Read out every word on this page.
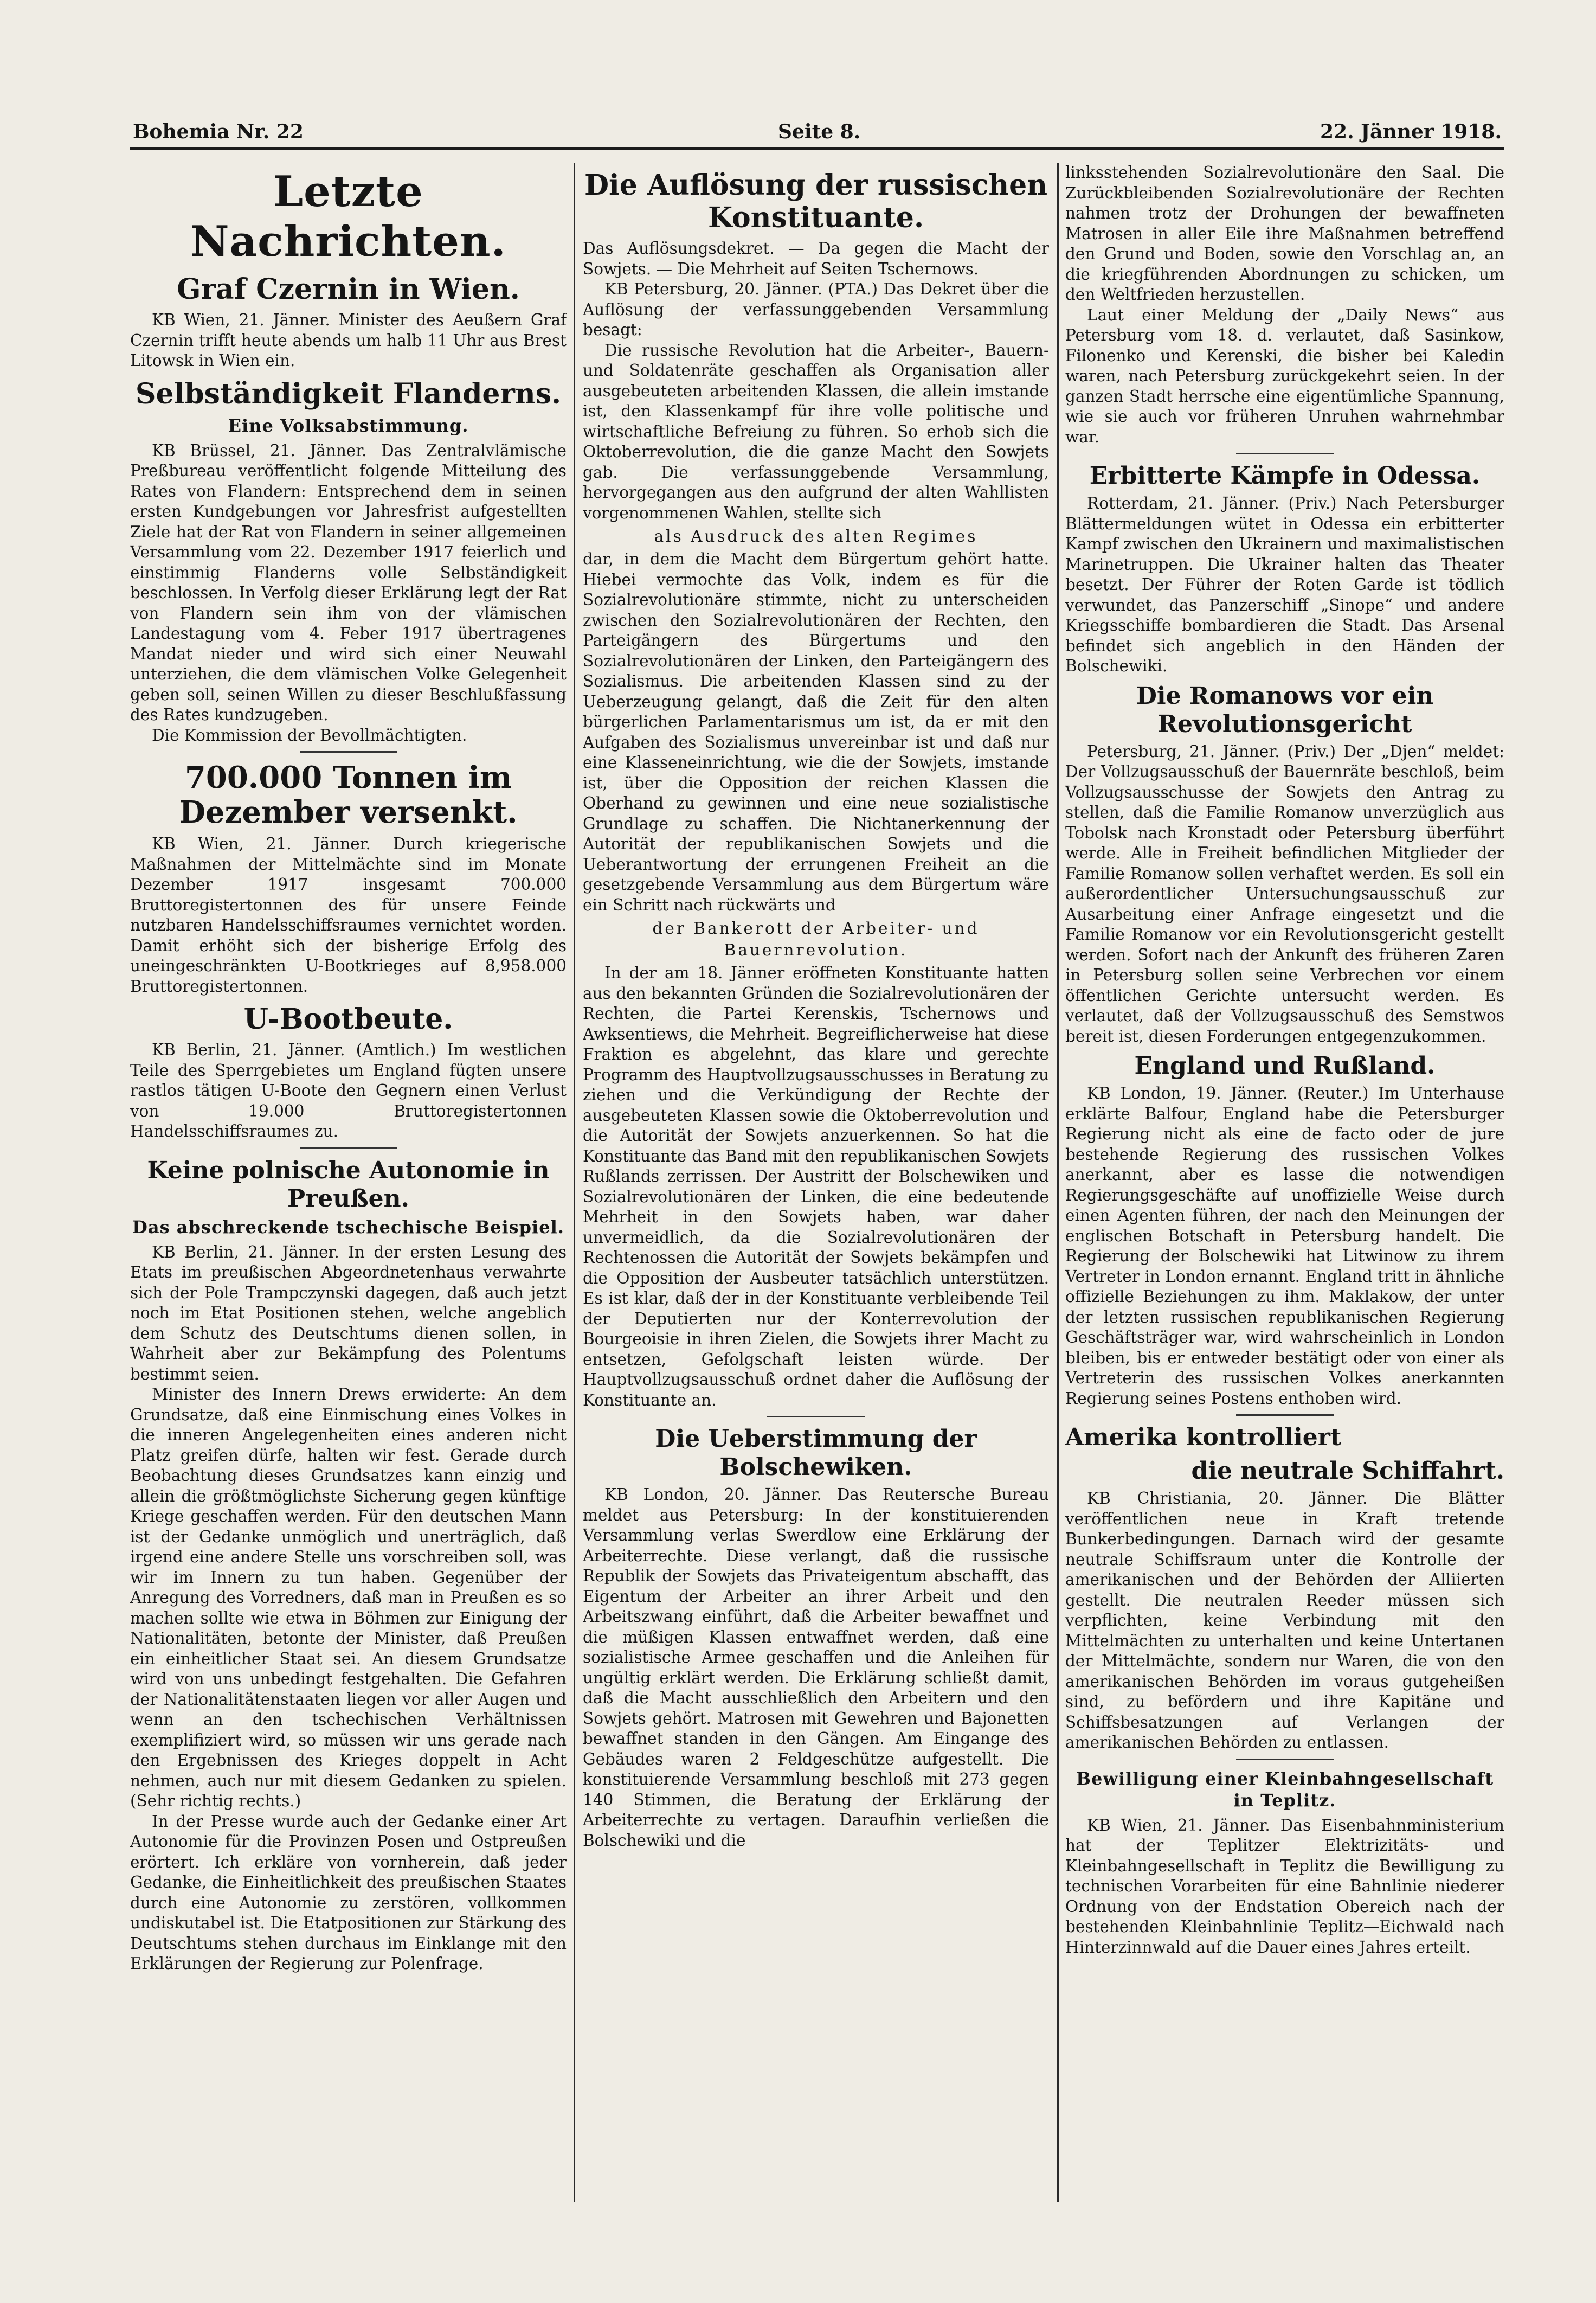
Bohemia Nr. 22	Seite 8.	22. Jänner 1918.
Letzte Nachrichten.
Graf Czernin in Wien.

KB Wien, 21. Jänner. Minister des Aeußern Graf Czernin trifft heute abends um halb 11 Uhr aus Brest Litowsk in Wien ein.

Selbständigkeit Flanderns.
Eine Volksabstimmung.

KB Brüssel, 21. Jänner. Das Zentralvlämische Preßbureau veröffentlicht folgende Mitteilung des Rates von Flandern: Entsprechend dem in seinen ersten Kundgebungen vor Jahresfrist aufgestellten Ziele hat der Rat von Flandern in seiner allgemeinen Versammlung vom 22. Dezember 1917 feierlich und einstimmig Flanderns volle Selbständigkeit beschlossen. In Verfolg dieser Erklärung legt der Rat von Flandern sein ihm von der vlämischen Landestagung vom 4. Feber 1917 übertragenes Mandat nieder und wird sich einer Neuwahl unterziehen, die dem vlämischen Volke Gelegenheit geben soll, seinen Willen zu dieser Beschlußfassung des Rates kundzugeben.

Die Kommission der Bevollmächtigten.

700.000 Tonnen im Dezember versenkt.

KB Wien, 21. Jänner. Durch kriegerische Maßnahmen der Mittelmächte sind im Monate Dezember 1917 insgesamt 700.000 Bruttoregistertonnen des für unsere Feinde nutzbaren Handelsschiffsraumes vernichtet worden. Damit erhöht sich der bisherige Erfolg des uneingeschränkten U-Bootkrieges auf 8,958.000 Bruttoregistertonnen.

U-Bootbeute.

KB Berlin, 21. Jänner. (Amtlich.) Im westlichen Teile des Sperrgebietes um England fügten unsere rastlos tätigen U-Boote den Gegnern einen Verlust von 19.000 Bruttoregistertonnen Handelsschiffsraumes zu.

Keine polnische Autonomie in Preußen.
Das abschreckende tschechische Beispiel.

KB Berlin, 21. Jänner. In der ersten Lesung des Etats im preußischen Abgeordnetenhaus verwahrte sich der Pole Trampczynski dagegen, daß auch jetzt noch im Etat Positionen stehen, welche angeblich dem Schutz des Deutschtums dienen sollen, in Wahrheit aber zur Bekämpfung des Polentums bestimmt seien.

Minister des Innern Drews erwiderte: An dem Grundsatze, daß eine Einmischung eines Volkes in die inneren Angelegenheiten eines anderen nicht Platz greifen dürfe, halten wir fest. Gerade durch Beobachtung dieses Grundsatzes kann einzig und allein die größtmöglichste Sicherung gegen künftige Kriege geschaffen werden. Für den deutschen Mann ist der Gedanke unmöglich und unerträglich, daß irgend eine andere Stelle uns vorschreiben soll, was wir im Innern zu tun haben. Gegenüber der Anregung des Vorredners, daß man in Preußen es so machen sollte wie etwa in Böhmen zur Einigung der Nationalitäten, betonte der Minister, daß Preußen ein einheitlicher Staat sei. An diesem Grundsatze wird von uns unbedingt festgehalten. Die Gefahren der Nationalitätenstaaten liegen vor aller Augen und wenn an den tschechischen Verhältnissen exemplifiziert wird, so müssen wir uns gerade nach den Ergebnissen des Krieges doppelt in Acht nehmen, auch nur mit diesem Gedanken zu spielen. (Sehr richtig rechts.)

In der Presse wurde auch der Gedanke einer Art Autonomie für die Provinzen Posen und Ostpreußen erörtert. Ich erkläre von vornherein, daß jeder Gedanke, die Einheitlichkeit des preußischen Staates durch eine Autonomie zu zerstören, vollkommen undiskutabel ist. Die Etatpositionen zur Stärkung des Deutschtums stehen durchaus im Einklange mit den Erklärungen der Regierung zur Polenfrage.

Die Auflösung der russischen Konstituante.

Das Auflösungsdekret. — Da gegen die Macht der Sowjets. — Die Mehrheit auf Seiten Tschernows.

KB Petersburg, 20. Jänner. (PTA.) Das Dekret über die Auflösung der verfassunggebenden Versammlung besagt:

Die russische Revolution hat die Arbeiter-, Bauern- und Soldatenräte geschaffen als Organisation aller ausgebeuteten arbeitenden Klassen, die allein imstande ist, den Klassenkampf für ihre volle politische und wirtschaftliche Befreiung zu führen. So erhob sich die Oktoberrevolution, die die ganze Macht den Sowjets gab. Die verfassunggebende Versammlung, hervorgegangen aus den aufgrund der alten Wahllisten vorgenommenen Wahlen, stellte sich

als Ausdruck des alten Regimes

dar, in dem die Macht dem Bürgertum gehört hatte. Hiebei vermochte das Volk, indem es für die Sozialrevolutionäre stimmte, nicht zu unterscheiden zwischen den Sozialrevolutionären der Rechten, den Parteigängern des Bürgertums und den Sozialrevolutionären der Linken, den Parteigängern des Sozialismus. Die arbeitenden Klassen sind zu der Ueberzeugung gelangt, daß die Zeit für den alten bürgerlichen Parlamentarismus um ist, da er mit den Aufgaben des Sozialismus unvereinbar ist und daß nur eine Klasseneinrichtung, wie die der Sowjets, imstande ist, über die Opposition der reichen Klassen die Oberhand zu gewinnen und eine neue sozialistische Grundlage zu schaffen. Die Nichtanerkennung der Autorität der republikanischen Sowjets und die Ueberantwortung der errungenen Freiheit an die gesetzgebende Versammlung aus dem Bürgertum wäre ein Schritt nach rückwärts und

der Bankerott der Arbeiter- und Bauernrevolution.

In der am 18. Jänner eröffneten Konstituante hatten aus den bekannten Gründen die Sozialrevolutionären der Rechten, die Partei Kerenskis, Tschernows und Awksentiews, die Mehrheit. Begreiflicherweise hat diese Fraktion es abgelehnt, das klare und gerechte Programm des Hauptvollzugsausschusses in Beratung zu ziehen und die Verkündigung der Rechte der ausgebeuteten Klassen sowie die Oktoberrevolution und die Autorität der Sowjets anzuerkennen. So hat die Konstituante das Band mit den republikanischen Sowjets Rußlands zerrissen. Der Austritt der Bolschewiken und Sozialrevolutionären der Linken, die eine bedeutende Mehrheit in den Sowjets haben, war daher unvermeidlich, da die Sozialrevolutionären der Rechtenossen die Autorität der Sowjets bekämpfen und die Opposition der Ausbeuter tatsächlich unterstützen. Es ist klar, daß der in der Konstituante verbleibende Teil der Deputierten nur der Konterrevolution der Bourgeoisie in ihren Zielen, die Sowjets ihrer Macht zu entsetzen, Gefolgschaft leisten würde. Der Hauptvollzugsausschuß ordnet daher die Auflösung der Konstituante an.

Die Ueberstimmung der Bolschewiken.

KB London, 20. Jänner. Das Reutersche Bureau meldet aus Petersburg: In der konstituierenden Versammlung verlas Swerdlow eine Erklärung der Arbeiterrechte. Diese verlangt, daß die russische Republik der Sowjets das Privateigentum abschafft, das Eigentum der Arbeiter an ihrer Arbeit und den Arbeitszwang einführt, daß die Arbeiter bewaffnet und die müßigen Klassen entwaffnet werden, daß eine sozialistische Armee geschaffen und die Anleihen für ungültig erklärt werden. Die Erklärung schließt damit, daß die Macht ausschließlich den Arbeitern und den Sowjets gehört. Matrosen mit Gewehren und Bajonetten bewaffnet standen in den Gängen. Am Eingange des Gebäudes waren 2 Feldgeschütze aufgestellt. Die konstituierende Versammlung beschloß mit 273 gegen 140 Stimmen, die Beratung der Erklärung der Arbeiterrechte zu vertagen. Daraufhin verließen die Bolschewiki und die

linksstehenden Sozialrevolutionäre den Saal. Die Zurückbleibenden Sozialrevolutionäre der Rechten nahmen trotz der Drohungen der bewaffneten Matrosen in aller Eile ihre Maßnahmen betreffend den Grund und Boden, sowie den Vorschlag an, an die kriegführenden Abordnungen zu schicken, um den Weltfrieden herzustellen.

Laut einer Meldung der „Daily News“ aus Petersburg vom 18. d. verlautet, daß Sasinkow, Filonenko und Kerenski, die bisher bei Kaledin waren, nach Petersburg zurückgekehrt seien. In der ganzen Stadt herrsche eine eigentümliche Spannung, wie sie auch vor früheren Unruhen wahrnehmbar war.

Erbitterte Kämpfe in Odessa.

Rotterdam, 21. Jänner. (Priv.) Nach Petersburger Blättermeldungen wütet in Odessa ein erbitterter Kampf zwischen den Ukrainern und maximalistischen Marinetruppen. Die Ukrainer halten das Theater besetzt. Der Führer der Roten Garde ist tödlich verwundet, das Panzerschiff „Sinope“ und andere Kriegsschiffe bombardieren die Stadt. Das Arsenal befindet sich angeblich in den Händen der Bolschewiki.

Die Romanows vor ein Revolutionsgericht

Petersburg, 21. Jänner. (Priv.) Der „Djen“ meldet: Der Vollzugsausschuß der Bauernräte beschloß, beim Vollzugsausschusse der Sowjets den Antrag zu stellen, daß die Familie Romanow unverzüglich aus Tobolsk nach Kronstadt oder Petersburg überführt werde. Alle in Freiheit befindlichen Mitglieder der Familie Romanow sollen verhaftet werden. Es soll ein außerordentlicher Untersuchungsausschuß zur Ausarbeitung einer Anfrage eingesetzt und die Familie Romanow vor ein Revolutionsgericht gestellt werden. Sofort nach der Ankunft des früheren Zaren in Petersburg sollen seine Verbrechen vor einem öffentlichen Gerichte untersucht werden. Es verlautet, daß der Vollzugsausschuß des Semstwos bereit ist, diesen Forderungen entgegenzukommen.

England und Rußland.

KB London, 19. Jänner. (Reuter.) Im Unterhause erklärte Balfour, England habe die Petersburger Regierung nicht als eine de facto oder de jure bestehende Regierung des russischen Volkes anerkannt, aber es lasse die notwendigen Regierungsgeschäfte auf unoffizielle Weise durch einen Agenten führen, der nach den Meinungen der englischen Botschaft in Petersburg handelt. Die Regierung der Bolschewiki hat Litwinow zu ihrem Vertreter in London ernannt. England tritt in ähnliche offizielle Beziehungen zu ihm. Maklakow, der unter der letzten russischen republikanischen Regierung Geschäftsträger war, wird wahrscheinlich in London bleiben, bis er entweder bestätigt oder von einer als Vertreterin des russischen Volkes anerkannten Regierung seines Postens enthoben wird.

Amerika kontrolliert
die neutrale Schiffahrt.

KB Christiania, 20. Jänner. Die Blätter veröffentlichen neue in Kraft tretende Bunkerbedingungen. Darnach wird der gesamte neutrale Schiffsraum unter die Kontrolle der amerikanischen und der Behörden der Alliierten gestellt. Die neutralen Reeder müssen sich verpflichten, keine Verbindung mit den Mittelmächten zu unterhalten und keine Untertanen der Mittelmächte, sondern nur Waren, die von den amerikanischen Behörden im voraus gutgeheißen sind, zu befördern und ihre Kapitäne und Schiffsbesatzungen auf Verlangen der amerikanischen Behörden zu entlassen.

Bewilligung einer Kleinbahngesellschaft in Teplitz.

KB Wien, 21. Jänner. Das Eisenbahnministerium hat der Teplitzer Elektrizitäts- und Kleinbahngesellschaft in Teplitz die Bewilligung zu technischen Vorarbeiten für eine Bahnlinie niederer Ordnung von der Endstation Obereich nach der bestehenden Kleinbahnlinie Teplitz—Eichwald nach Hinterzinnwald auf die Dauer eines Jahres erteilt.
